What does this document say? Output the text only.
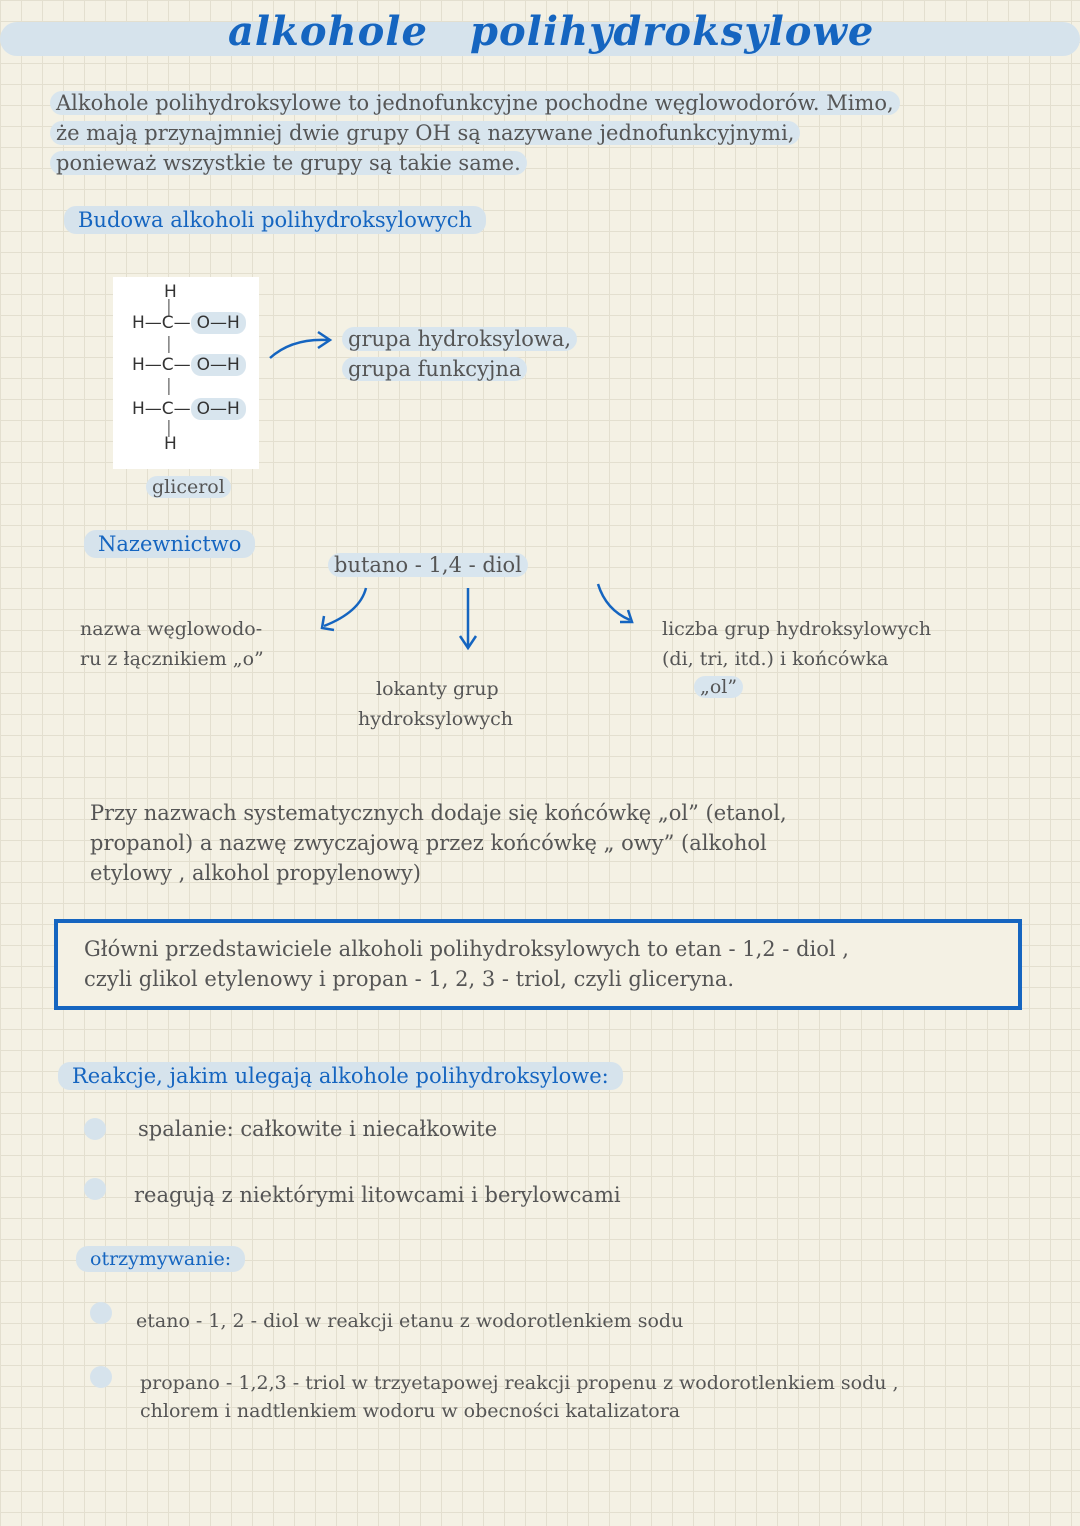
alkohole polihydroksylowe
Alkohole polihydroksylowe to jednofunkcyjne pochodne węglowodorów. Mimo,
że mają przynajmniej dwie grupy OH są nazywane jednofunkcyjnymi,
ponieważ wszystkie te grupy są takie same.
Budowa alkoholi polihydroksylowych
H
|
H—C— O—H
|
H—C— O—H
|
H—C— O—H
|
H
glicerol
grupa hydroksylowa,
grupa funkcyjna
Nazewnictwo
butano - 1,4 - diol
nazwa węglowodo-
ru z łącznikiem „o”
lokanty grup
hydroksylowych
liczba grup hydroksylowych
(di, tri, itd.) i końcówka
„ol”
Przy nazwach systematycznych dodaje się końcówkę „ol” (etanol,
propanol) a nazwę zwyczajową przez końcówkę „ owy” (alkohol
etylowy , alkohol propylenowy)
Główni przedstawiciele alkoholi polihydroksylowych to etan - 1,2 - diol ,
czyli glikol etylenowy i propan - 1, 2, 3 - triol, czyli gliceryna.
Reakcje, jakim ulegają alkohole polihydroksylowe:
spalanie: całkowite i niecałkowite
reagują z niektórymi litowcami i berylowcami
otrzymywanie:
etano - 1, 2 - diol w reakcji etanu z wodorotlenkiem sodu
propano - 1,2,3 - triol w trzyetapowej reakcji propenu z wodorotlenkiem sodu ,
chlorem i nadtlenkiem wodoru w obecności katalizatora
